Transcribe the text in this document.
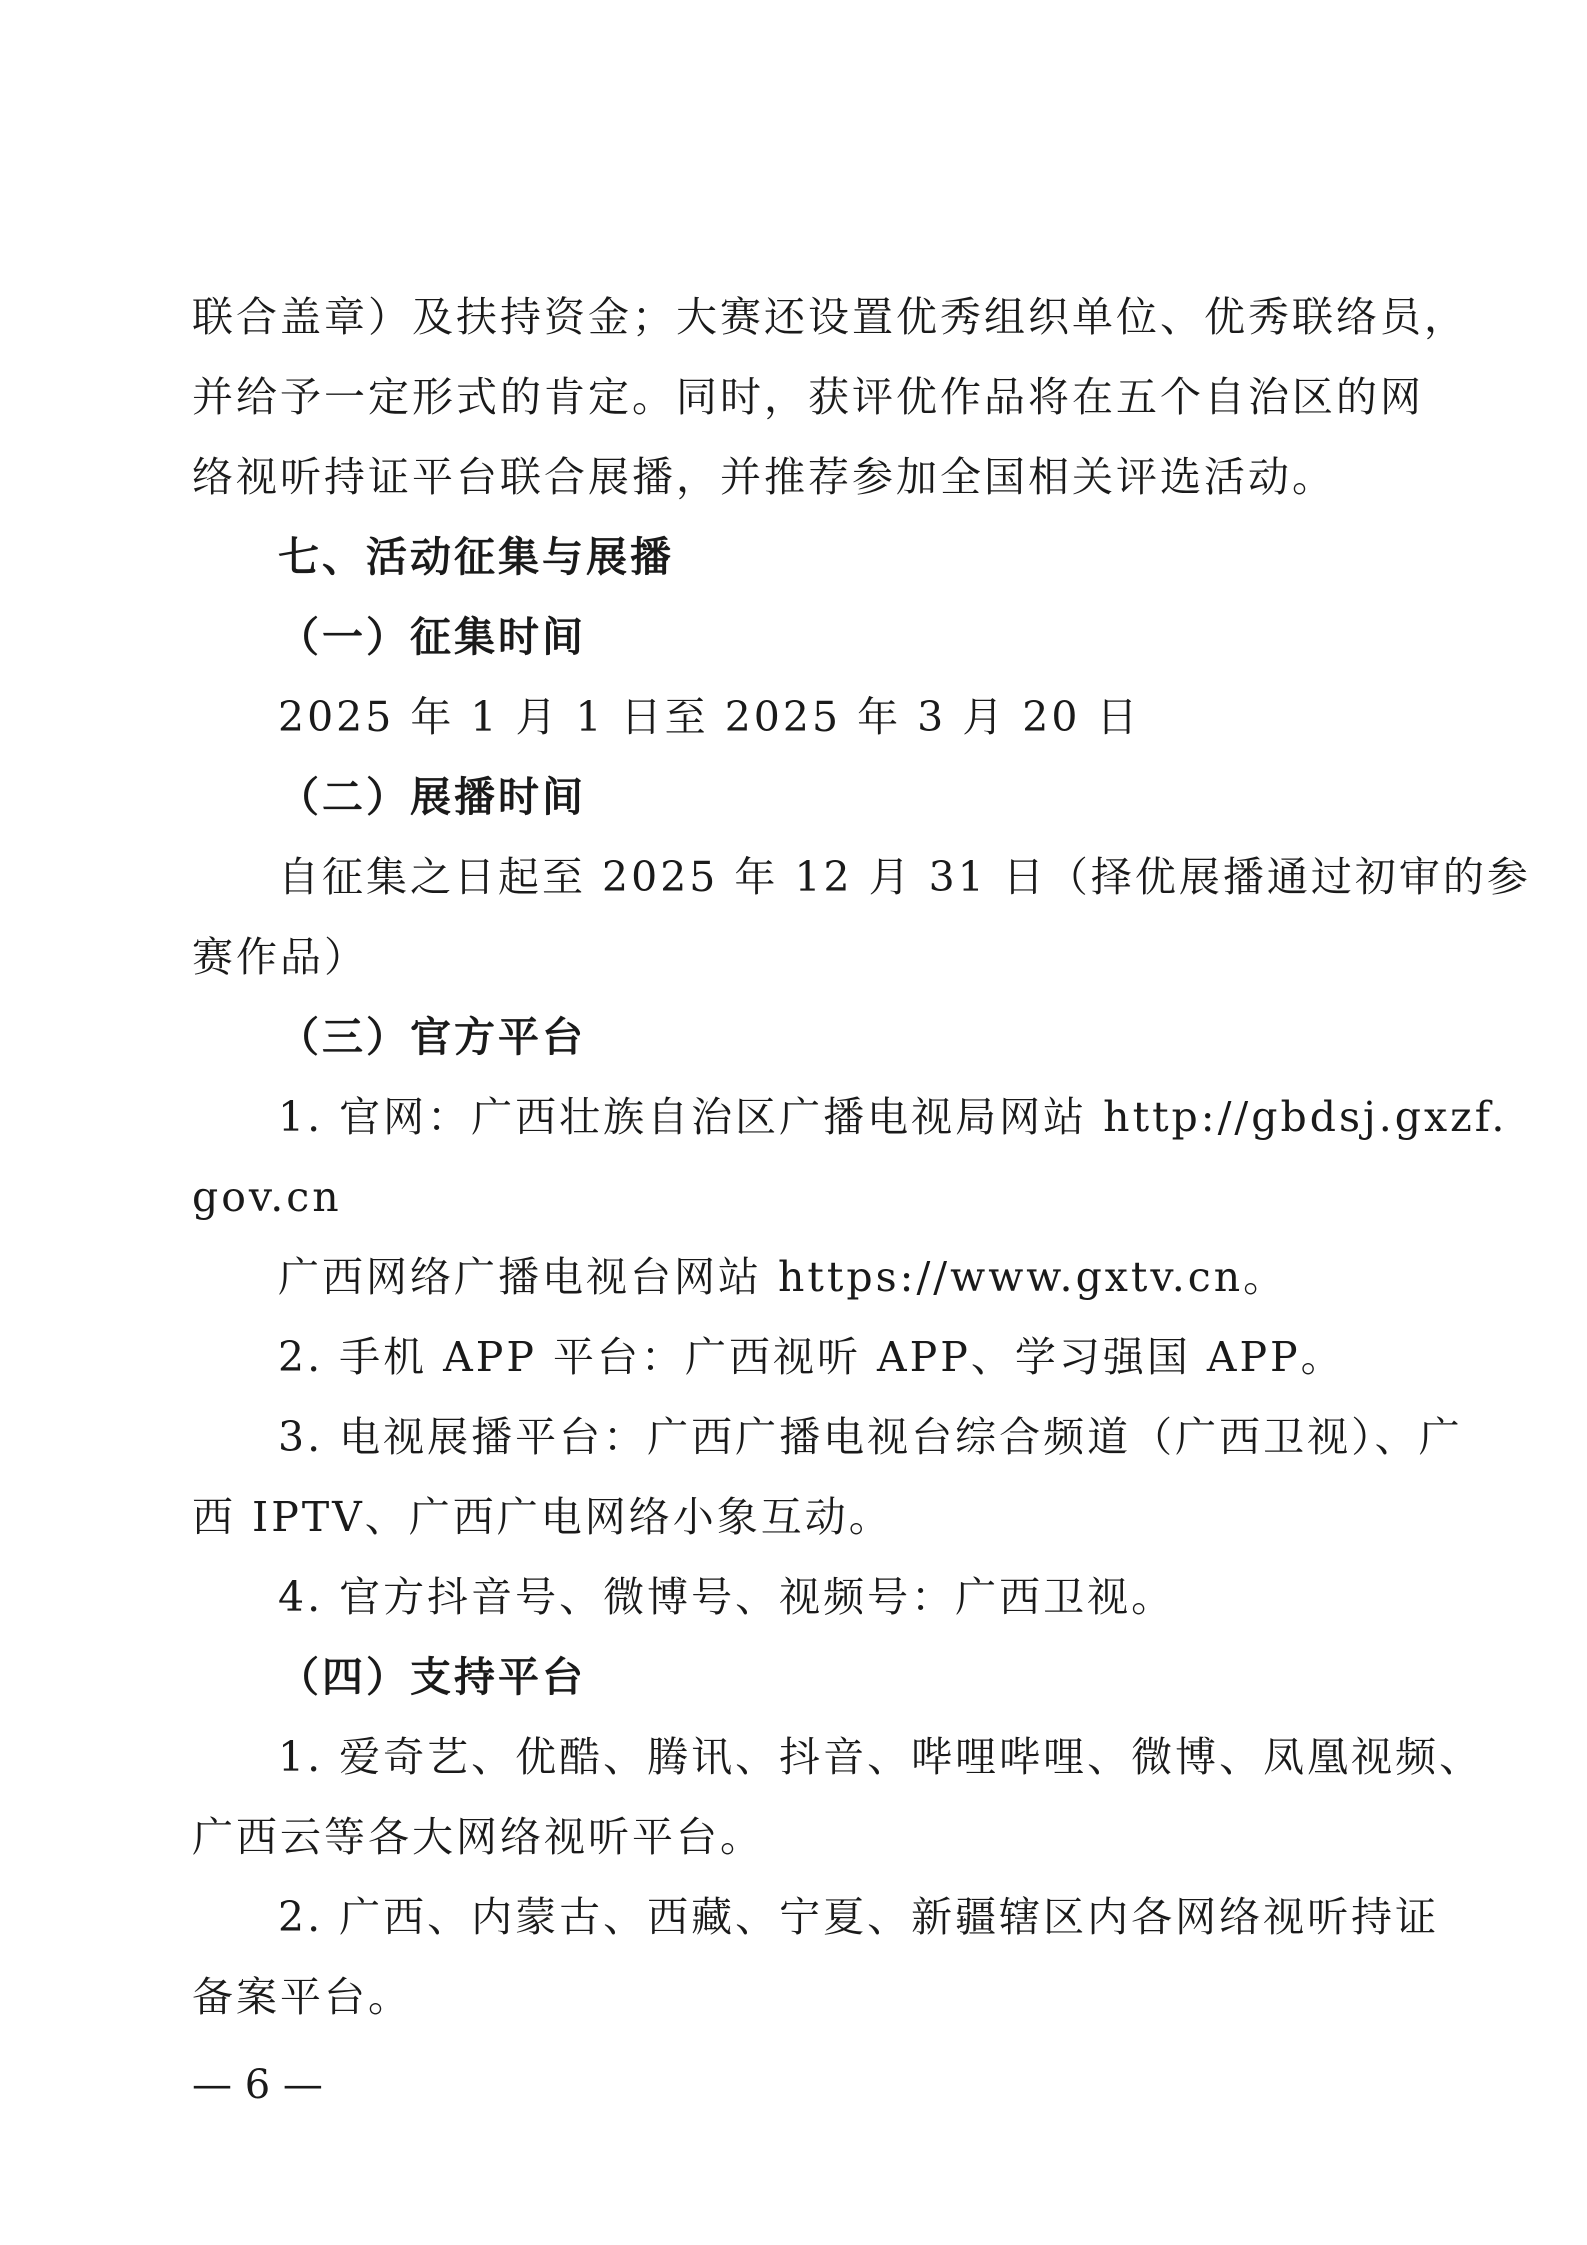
联合盖章）及扶持资金；大赛还设置优秀组织单位、优秀联络员，
并给予一定形式的肯定。同时，获评优作品将在五个自治区的网
络视听持证平台联合展播，并推荐参加全国相关评选活动。
七、活动征集与展播
（一）征集时间
2025 年 1 月 1 日至 2025 年 3 月 20 日
（二）展播时间
自征集之日起至 2025 年 12 月 31 日（择优展播通过初审的参
赛作品）
（三）官方平台
1. 官网：广西壮族自治区广播电视局网站 http://gbdsj.gxzf.
gov.cn
广西网络广播电视台网站 https://www.gxtv.cn。
2. 手机 APP 平台：广西视听 APP、学习强国 APP。
3. 电视展播平台：广西广播电视台综合频道（广西卫视）、广
西 IPTV、广西广电网络小象互动。
4. 官方抖音号、微博号、视频号：广西卫视。
（四）支持平台
1. 爱奇艺、优酷、腾讯、抖音、哔哩哔哩、微博、凤凰视频、
广西云等各大网络视听平台。
2. 广西、内蒙古、西藏、宁夏、新疆辖区内各网络视听持证
备案平台。
— 6 —
